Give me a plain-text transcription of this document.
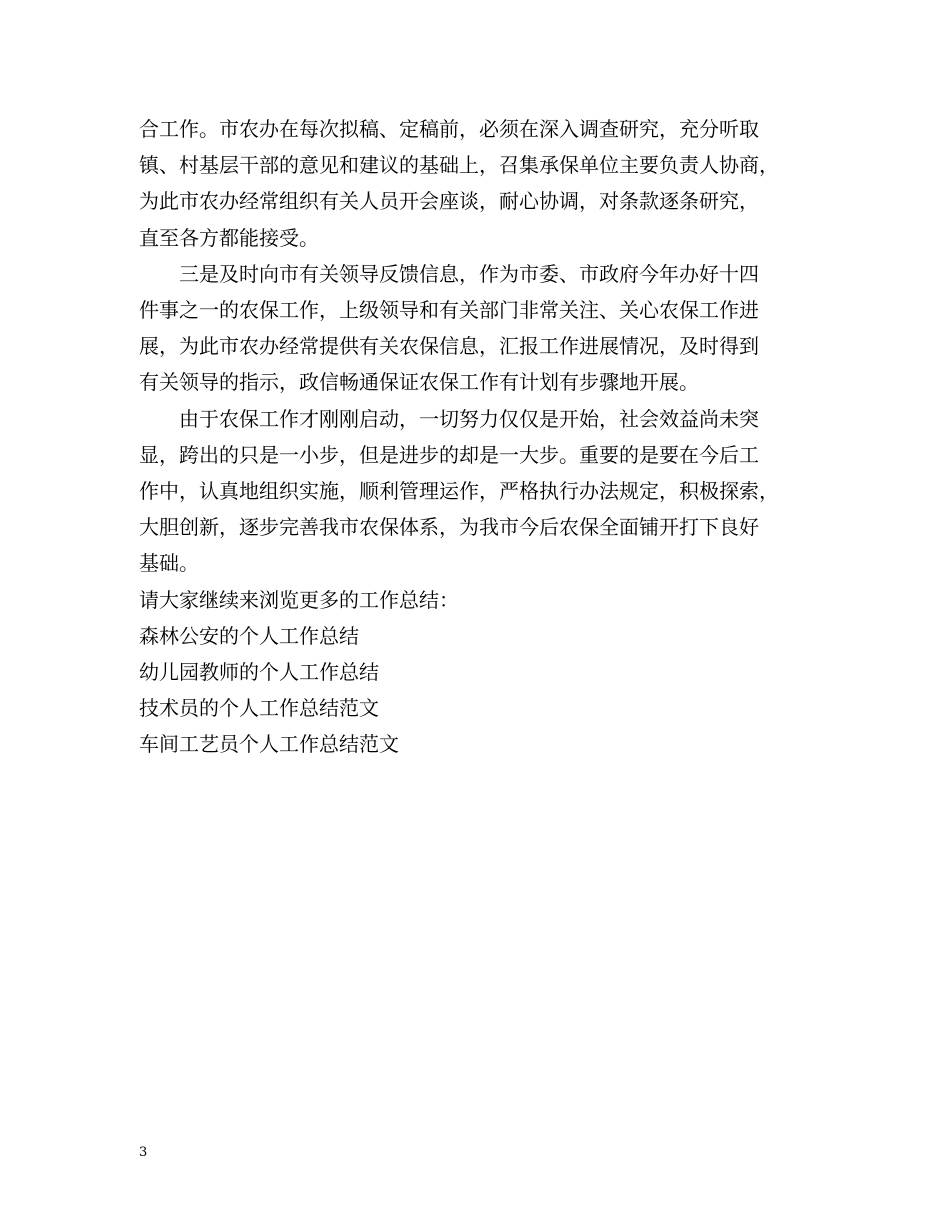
合工作。市农办在每次拟稿、定稿前，必须在深入调查研究，充分听取
镇、村基层干部的意见和建议的基础上，召集承保单位主要负责人协商，
为此市农办经常组织有关人员开会座谈，耐心协调，对条款逐条研究，
直至各方都能接受。

三是及时向市有关领导反馈信息，作为市委、市政府今年办好十四
件事之一的农保工作，上级领导和有关部门非常关注、关心农保工作进
展，为此市农办经常提供有关农保信息，汇报工作进展情况，及时得到
有关领导的指示，政信畅通保证农保工作有计划有步骤地开展。

由于农保工作才刚刚启动，一切努力仅仅是开始，社会效益尚未突
显，跨出的只是一小步，但是进步的却是一大步。重要的是要在今后工
作中，认真地组织实施，顺利管理运作，严格执行办法规定，积极探索，
大胆创新，逐步完善我市农保体系，为我市今后农保全面铺开打下良好
基础。

请大家继续来浏览更多的工作总结：

森林公安的个人工作总结
幼儿园教师的个人工作总结
技术员的个人工作总结范文
车间工艺员个人工作总结范文
3
